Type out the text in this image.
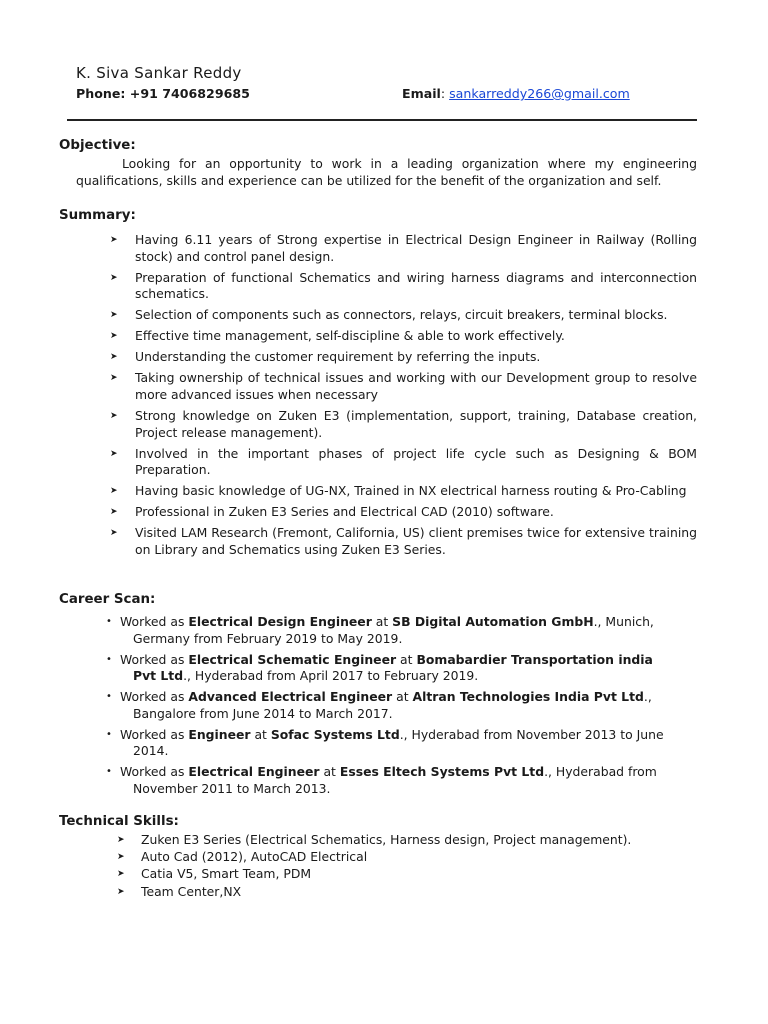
K. Siva Sankar Reddy
Phone: +91 7406829685	Email: sankarreddy266@gmail.com
Objective:
Looking for an opportunity to work in a leading organization where my engineering qualifications, skills and experience can be utilized for the benefit of the organization and self.
Summary:
➤ Having 6.11 years of Strong expertise in Electrical Design Engineer in Railway (Rolling stock) and control panel design.
➤ Preparation of functional Schematics and wiring harness diagrams and interconnection schematics.
➤ Selection of components such as connectors, relays, circuit breakers, terminal blocks.
➤ Effective time management, self-discipline & able to work effectively.
➤ Understanding the customer requirement by referring the inputs.
➤ Taking ownership of technical issues and working with our Development group to resolve more advanced issues when necessary
➤ Strong knowledge on Zuken E3 (implementation, support, training, Database creation, Project release management).
➤ Involved in the important phases of project life cycle such as Designing & BOM Preparation.
➤ Having basic knowledge of UG-NX, Trained in NX electrical harness routing & Pro-Cabling
➤ Professional in Zuken E3 Series and Electrical CAD (2010) software.
➤ Visited LAM Research (Fremont, California, US) client premises twice for extensive training on Library and Schematics using Zuken E3 Series.
Career Scan:
• Worked as Electrical Design Engineer at SB Digital Automation GmbH., Munich,
Germany from February 2019 to May 2019.
• Worked as Electrical Schematic Engineer at Bomabardier Transportation india
Pvt Ltd., Hyderabad from April 2017 to February 2019.
• Worked as Advanced Electrical Engineer at Altran Technologies India Pvt Ltd.,
Bangalore from June 2014 to March 2017.
• Worked as Engineer at Sofac Systems Ltd., Hyderabad from November 2013 to June
2014.
• Worked as Electrical Engineer at Esses Eltech Systems Pvt Ltd., Hyderabad from
November 2011 to March 2013.
Technical Skills:
➤ Zuken E3 Series (Electrical Schematics, Harness design, Project management).
➤ Auto Cad (2012), AutoCAD Electrical
➤ Catia V5, Smart Team, PDM
➤ Team Center,NX
